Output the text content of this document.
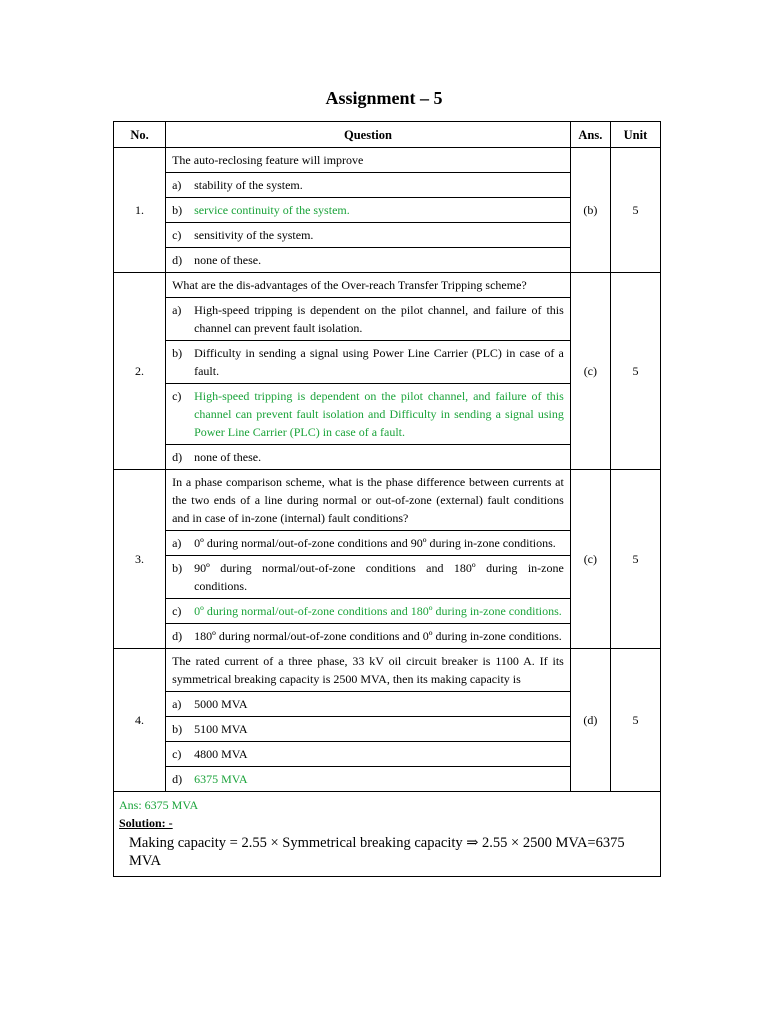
Assignment – 5
No.	Question	Ans.	Unit
1.	The auto-reclosing feature will improve	(b)	5

	a) stability of the system.		

	b) service continuity of the system.		

	c) sensitivity of the system.		

	d) none of these.		

2.	What are the dis-advantages of the Over-reach Transfer Tripping scheme?	(c)	5

	a) High-speed tripping is dependent on the pilot channel, and failure of this channel can prevent fault isolation.		

	b) Difficulty in sending a signal using Power Line Carrier (PLC) in case of a fault.		

	c) High-speed tripping is dependent on the pilot channel, and failure of this channel can prevent fault isolation and Difficulty in sending a signal using Power Line Carrier (PLC) in case of a fault.		

	d) none of these.		

3.	In a phase comparison scheme, what is the phase difference between currents at the two ends of a line during normal or out-of-zone (external) fault conditions and in case of in-zone (internal) fault conditions?	(c)	5

	a) 0º during normal/out-of-zone conditions and 90º during in-zone conditions.		

	b) 90º during normal/out-of-zone conditions and 180º during in-zone conditions.		

	c) 0º during normal/out-of-zone conditions and 180º during in-zone conditions.		

	d) 180º during normal/out-of-zone conditions and 0º during in-zone conditions.		

4.	The rated current of a three phase, 33 kV oil circuit breaker is 1100 A. If its symmetrical breaking capacity is 2500 MVA, then its making capacity is	(d)	5

	a) 5000 MVA		

	b) 5100 MVA		

	c) 4800 MVA		

	d) 6375 MVA		

Ans: 6375 MVA
Solution: -
Making capacity = 2.55 × Symmetrical breaking capacity ⇒ 2.55 × 2500 MVA=6375 MVA			
